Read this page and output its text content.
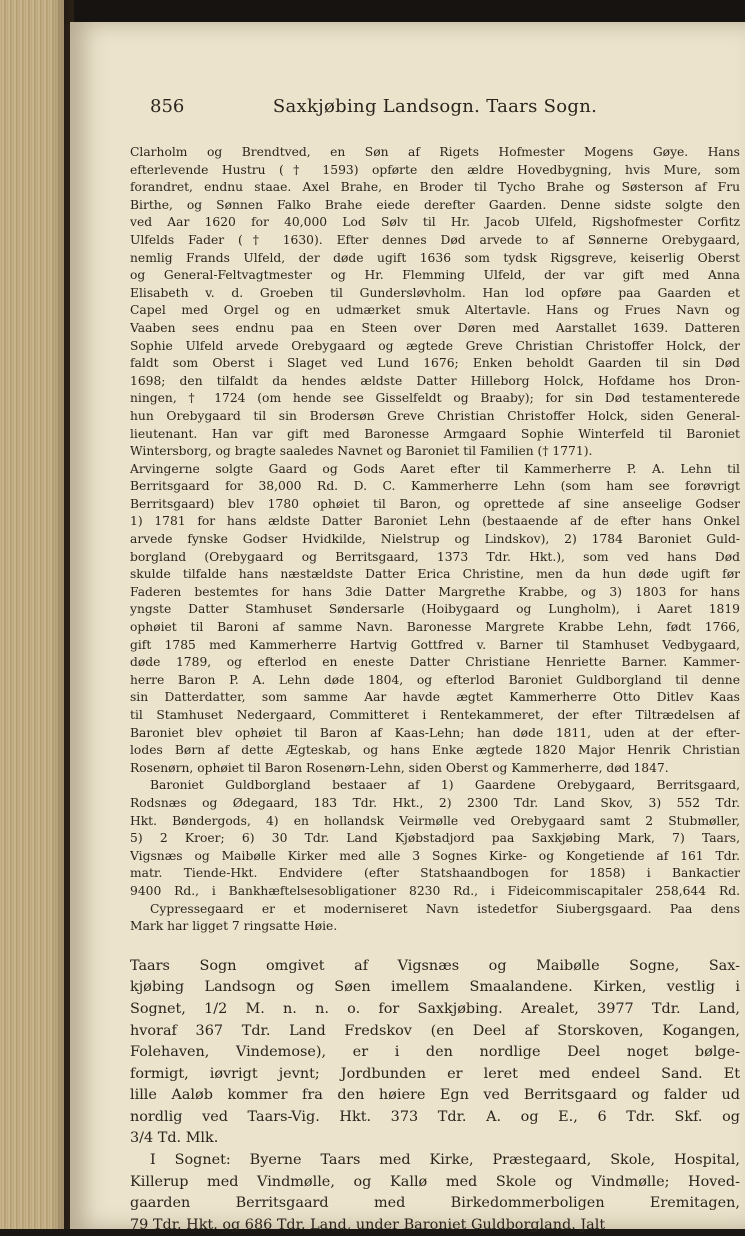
856	Saxkjøbing Landsogn. Taars Sogn.
Clarholm og Brendtved, en Søn af Rigets Hofmester Mogens Gøye. Hans
efterlevende Hustru († 1593) opførte den ældre Hovedbygning, hvis Mure, som
forandret, endnu staae. Axel Brahe, en Broder til Tycho Brahe og Søsterson af Fru
Birthe, og Sønnen Falko Brahe eiede derefter Gaarden. Denne sidste solgte den
ved Aar 1620 for 40,000 Lod Sølv til Hr. Jacob Ulfeld, Rigshofmester Corfitz
Ulfelds Fader († 1630). Efter dennes Død arvede to af Sønnerne Orebygaard,
nemlig Frands Ulfeld, der døde ugift 1636 som tydsk Rigsgreve, keiserlig Oberst
og General-Feltvagtmester og Hr. Flemming Ulfeld, der var gift med Anna
Elisabeth v. d. Groeben til Gundersløvholm. Han lod opføre paa Gaarden et
Capel med Orgel og en udmærket smuk Altertavle. Hans og Frues Navn og
Vaaben sees endnu paa en Steen over Døren med Aarstallet 1639. Datteren
Sophie Ulfeld arvede Orebygaard og ægtede Greve Christian Christoffer Holck, der
faldt som Oberst i Slaget ved Lund 1676; Enken beholdt Gaarden til sin Død
1698; den tilfaldt da hendes ældste Datter Hilleborg Holck, Hofdame hos Dron-
ningen, † 1724 (om hende see Gisselfeldt og Braaby); for sin Død testamenterede
hun Orebygaard til sin Brodersøn Greve Christian Christoffer Holck, siden General-
lieutenant. Han var gift med Baronesse Armgaard Sophie Winterfeld til Baroniet
Wintersborg, og bragte saaledes Navnet og Baroniet til Familien († 1771).
Arvingerne solgte Gaard og Gods Aaret efter til Kammerherre P. A. Lehn til
Berritsgaard for 38,000 Rd. D. C. Kammerherre Lehn (som ham see forøvrigt
Berritsgaard) blev 1780 ophøiet til Baron, og oprettede af sine anseelige Godser
1) 1781 for hans ældste Datter Baroniet Lehn (bestaaende af de efter hans Onkel
arvede fynske Godser Hvidkilde, Nielstrup og Lindskov), 2) 1784 Baroniet Guld-
borgland (Orebygaard og Berritsgaard, 1373 Tdr. Hkt.), som ved hans Død
skulde tilfalde hans næstældste Datter Erica Christine, men da hun døde ugift før
Faderen bestemtes for hans 3die Datter Margrethe Krabbe, og 3) 1803 for hans
yngste Datter Stamhuset Søndersarle (Hoibygaard og Lungholm), i Aaret 1819
ophøiet til Baroni af samme Navn. Baronesse Margrete Krabbe Lehn, født 1766,
gift 1785 med Kammerherre Hartvig Gottfred v. Barner til Stamhuset Vedbygaard,
døde 1789, og efterlod en eneste Datter Christiane Henriette Barner. Kammer-
herre Baron P. A. Lehn døde 1804, og efterlod Baroniet Guldborgland til denne
sin Datterdatter, som samme Aar havde ægtet Kammerherre Otto Ditlev Kaas
til Stamhuset Nedergaard, Committeret i Rentekammeret, der efter Tiltrædelsen af
Baroniet blev ophøiet til Baron af Kaas-Lehn; han døde 1811, uden at der efter-
lodes Børn af dette Ægteskab, og hans Enke ægtede 1820 Major Henrik Christian
Rosenørn, ophøiet til Baron Rosenørn-Lehn, siden Oberst og Kammerherre, død 1847.
Baroniet Guldborgland bestaaer af 1) Gaardene Orebygaard, Berritsgaard,
Rodsnæs og Ødegaard, 183 Tdr. Hkt., 2) 2300 Tdr. Land Skov, 3) 552 Tdr.
Hkt. Bøndergods, 4) en hollandsk Veirmølle ved Orebygaard samt 2 Stubmøller,
5) 2 Kroer; 6) 30 Tdr. Land Kjøbstadjord paa Saxkjøbing Mark, 7) Taars,
Vigsnæs og Maibølle Kirker med alle 3 Sognes Kirke- og Kongetiende af 161 Tdr.
matr. Tiende-Hkt. Endvidere (efter Statshaandbogen for 1858) i Bankactier
9400 Rd., i Bankhæftelsesobligationer 8230 Rd., i Fideicommiscapitaler 258,644 Rd.
Cypressegaard er et moderniseret Navn istedetfor Siubergsgaard. Paa dens
Mark har ligget 7 ringsatte Høie.
Taars Sogn omgivet af Vigsnæs og Maibølle Sogne, Sax-
kjøbing Landsogn og Søen imellem Smaalandene. Kirken, vestlig i
Sognet, 1/2 M. n. n. o. for Saxkjøbing. Arealet, 3977 Tdr. Land,
hvoraf 367 Tdr. Land Fredskov (en Deel af Storskoven, Kogangen,
Folehaven, Vindemose), er i den nordlige Deel noget bølge-
formigt, iøvrigt jevnt; Jordbunden er leret med endeel Sand. Et
lille Aaløb kommer fra den høiere Egn ved Berritsgaard og falder ud
nordlig ved Taars-Vig. Hkt. 373 Tdr. A. og E., 6 Tdr. Skf. og
3/4 Td. Mlk.
I Sognet: Byerne Taars med Kirke, Præstegaard, Skole, Hospital,
Killerup med Vindmølle, og Kallø med Skole og Vindmølle; Hoved-
gaarden Berritsgaard med Birkedommerboligen Eremitagen,
79 Tdr. Hkt. og 686 Tdr. Land, under Baroniet Guldborgland. Jalt
